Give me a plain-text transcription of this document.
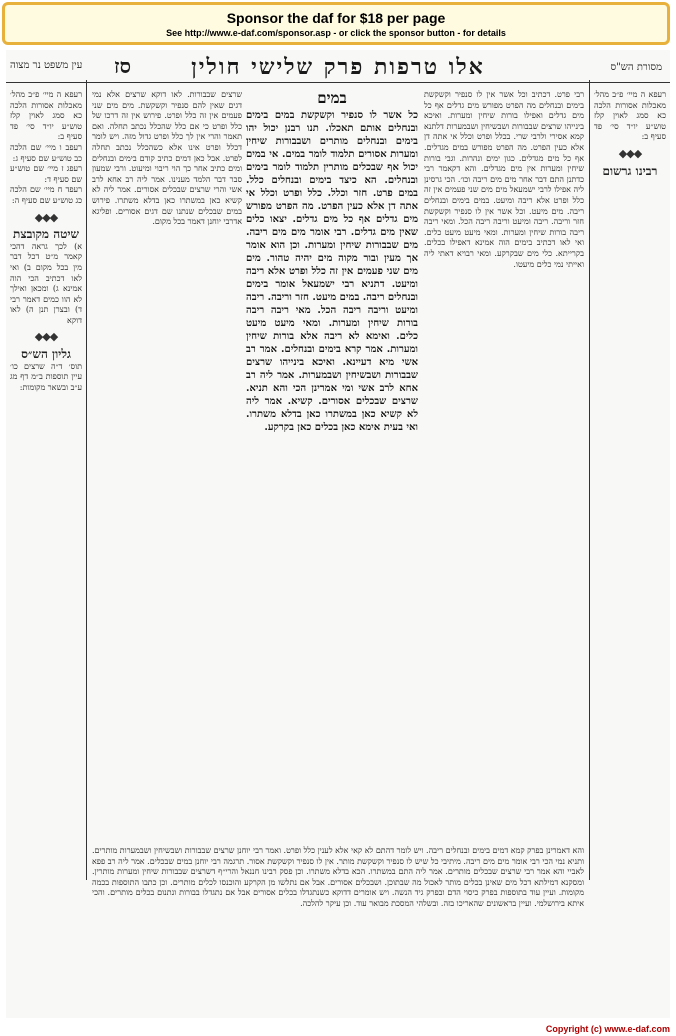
Sponsor the daf for $18 per page
See http://www.e-daf.com/sponsor.asp - or click the sponsor button - for details
מסורת הש"ס
אלו טרפות פרק שלישי חולין
סז
עין משפט נר מצוה

רעפא ה מיי׳ פ״ב מהל׳ מאכלות אסורות הלכה כא סמג לאוין קלז טוש״ע יו״ד סי׳ פד סעיף ב:

רעפב ו מיי׳ שם הלכה כב טוש״ע שם סעיף ג:

רעפג ז מיי׳ שם טוש״ע שם סעיף ד:

רעפד ח מיי׳ שם הלכה כג טוש״ע שם סעיף ה:

◆◆◆
שיטה מקובצת

א) לכך גראה דהכי קאמר מ״ט דכל דבר מין בכל מקום ב) ואי לאו דכתיב הכי הוה אמינא ג) ומכאן ואילך לא הוו כמים דאמר רבי ד) ובצרן תנן ה) לאו דוקא

◆◆◆
גליון הש״ס

תוס׳ ד״ה שרצים כו׳ עיין תוספות ב״מ דף מג ע״ב ובשאר מקומות:

רעפא ה מיי׳ פ״ב מהל׳ מאכלות אסורות הלכה כא סמג לאוין קלז טוש״ע יו״ד סי׳ פד סעיף ב:

◆◆◆
רבינו גרשום

רבי פרט. דכתיב וכל אשר אין לו סנפיר וקשקשת בימים ובנחלים מה הפרט מפורש מים גדלים אף כל מים גדלים ואפילו בורות שיחין ומערות. ואיכא בינייהו שרצים שבבורות ושבשיחין ושבמערות דלתנא קמא אסירי ולרבי שרי. בכלל ופרט וכלל אי אתה דן אלא כעין הפרט. מה הפרט מפורש במים מגדלים. אף כל מים מגדלים. כגון ימים ונהרות. וגבי בורות שיחין ומערות אין מים מגדלים. והא דקאמר רבי כדתנן התם דבר אחר מים מים ריבה וכו׳. הכי גרסינן ליה אפילו לרבי ישמעאל מים מים שני פעמים אין זה כלל ופרט אלא ריבה ומיעט. במים בימים ובנחלים ריבה. מים מיעט. וכל אשר אין לו סנפיר וקשקשת חזר וריבה. ריבה ומיעט וריבה ריבה הכל. ומאי ריבה ריבה בורות שיחין ומערות. ומאי מיעט מיעט כלים. ואי לאו דכתיב בימים הוה אמינא דאפילו בכלים. בקרייתא. כלי מים שבקרקע. ומאי רבויא דאתי ליה ואייתי נמי כלים מיעטו.

שרצים שבבורות. לאו דוקא שרצים אלא נמי דגים שאין להם סנפיר וקשקשת. מים מים שני פעמים אין זה כלל ופרט. פירוש אין זה דרכו של כלל ופרט כי אם כלל שהכלל נכתב תחלה. ואם תאמר והרי אין לך כלל ופרט גדול מזה. ויש לומר דכלל ופרט אינו אלא כשהכלל נכתב תחלה לפרט. אבל כאן דמים כתיב קודם בימים ובנחלים ומים כתיב אחר כך הוי ריבוי ומיעוט. ורבי שמעון סבר דבר הלמד מענינו. אמר ליה רב אחא לרב אשי והרי שרצים שבכלים אסורים. אמר ליה לא קשיא כאן במשתרו כאן בדלא משתרו. פירוש במים שבכלים שנתנו שם דגים אסורים. ופליגא אדרבי יוחנן דאמר בכל מקום.

במים

כל אשר לו סנפיר וקשקשת במים בימים ובנחלים אותם תאכלו. תנו רבנן יכול יהו בימים ובנחלים מותרים ושבבורות שיחין ומערות אסורים תלמוד לומר במים. אי במים יכול אף שבכלים מותרין תלמוד לומר בימים ובנחלים. הא כיצד בימים ובנחלים כלל. במים פרט. חזר וכלל. כלל ופרט וכלל אי אתה דן אלא כעין הפרט. מה הפרט מפורש מים גדלים אף כל מים גדלים. יצאו כלים שאין מים גדלים. רבי אומר מים מים ריבה. מים שבבורות שיחין ומערות. וכן הוא אומר אך מעין ובור מקוה מים יהיה טהור. מים מים שני פעמים אין זה כלל ופרט אלא ריבה ומיעט. דתניא רבי ישמעאל אומר בימים ובנחלים ריבה. במים מיעט. חזר וריבה. ריבה ומיעט וריבה ריבה הכל. מאי ריבה ריבה בורות שיחין ומערות. ומאי מיעט מיעט כלים. ואימא לא ריבה אלא בורות שיחין ומערות. אמר קרא בימים ובנחלים. אמר רב אשי מיא דעיינא. ואיכא בינייהו שרצים שבבורות ושבשיחין ושבמערות. אמר ליה רב אחא לרב אשי ומי אמרינן הכי והא תניא. שרצים שבכלים אסורים. קשיא. אמר ליה לא קשיא כאן במשתרו כאן בדלא משתרו. ואי בעית אימא כאן בכלים כאן בקרקע.

והא דאמרינן בפרק קמא דמים בימים ובנחלים ריבה. ויש לומר דהתם לא קאי אלא לענין כלל ופרט. ואמר רבי יוחנן שרצים שבבורות ושבשיחין ושבמערות מותרים. ותניא נמי הכי רבי אומר מים מים ריבה. מיתיבי כל שיש לו סנפיר וקשקשת מותר. אין לו סנפיר וקשקשת אסור. תרגמה רבי יוחנן במים שבכלים. אמר ליה רב פפא לאביי והא אמר רבי שרצים שבכלים מותרים. אמר ליה התם במשתרו. הכא בדלא משתרו. וכן פסק רבינו חננאל והרי״ף דשרצים שבבורות שיחין ומערות מותרין. ומסקנא דמילתא דכל מים שאינן בכלים מותר לאכול מה שבתוכן. ושבכלים אסורים. אבל אם נתלשו מן הקרקע והוכנסו לכלים מותרים. וכן כתבו התוספות בכמה מקומות. ועיין עוד בתוספות בפרק כיסוי הדם ובפרק גיד הנשה. ויש אומרים דדוקא כשנתגדלו בכלים אסורים אבל אם נתגדלו בבורות ונתנום בכלים מותרים. והכי איתא בירושלמי. ועיין בראשונים שהאריכו בזה. ובשלהי המסכת מבואר עוד. וכן עיקר להלכה.

Copyright (c) www.e-daf.com
